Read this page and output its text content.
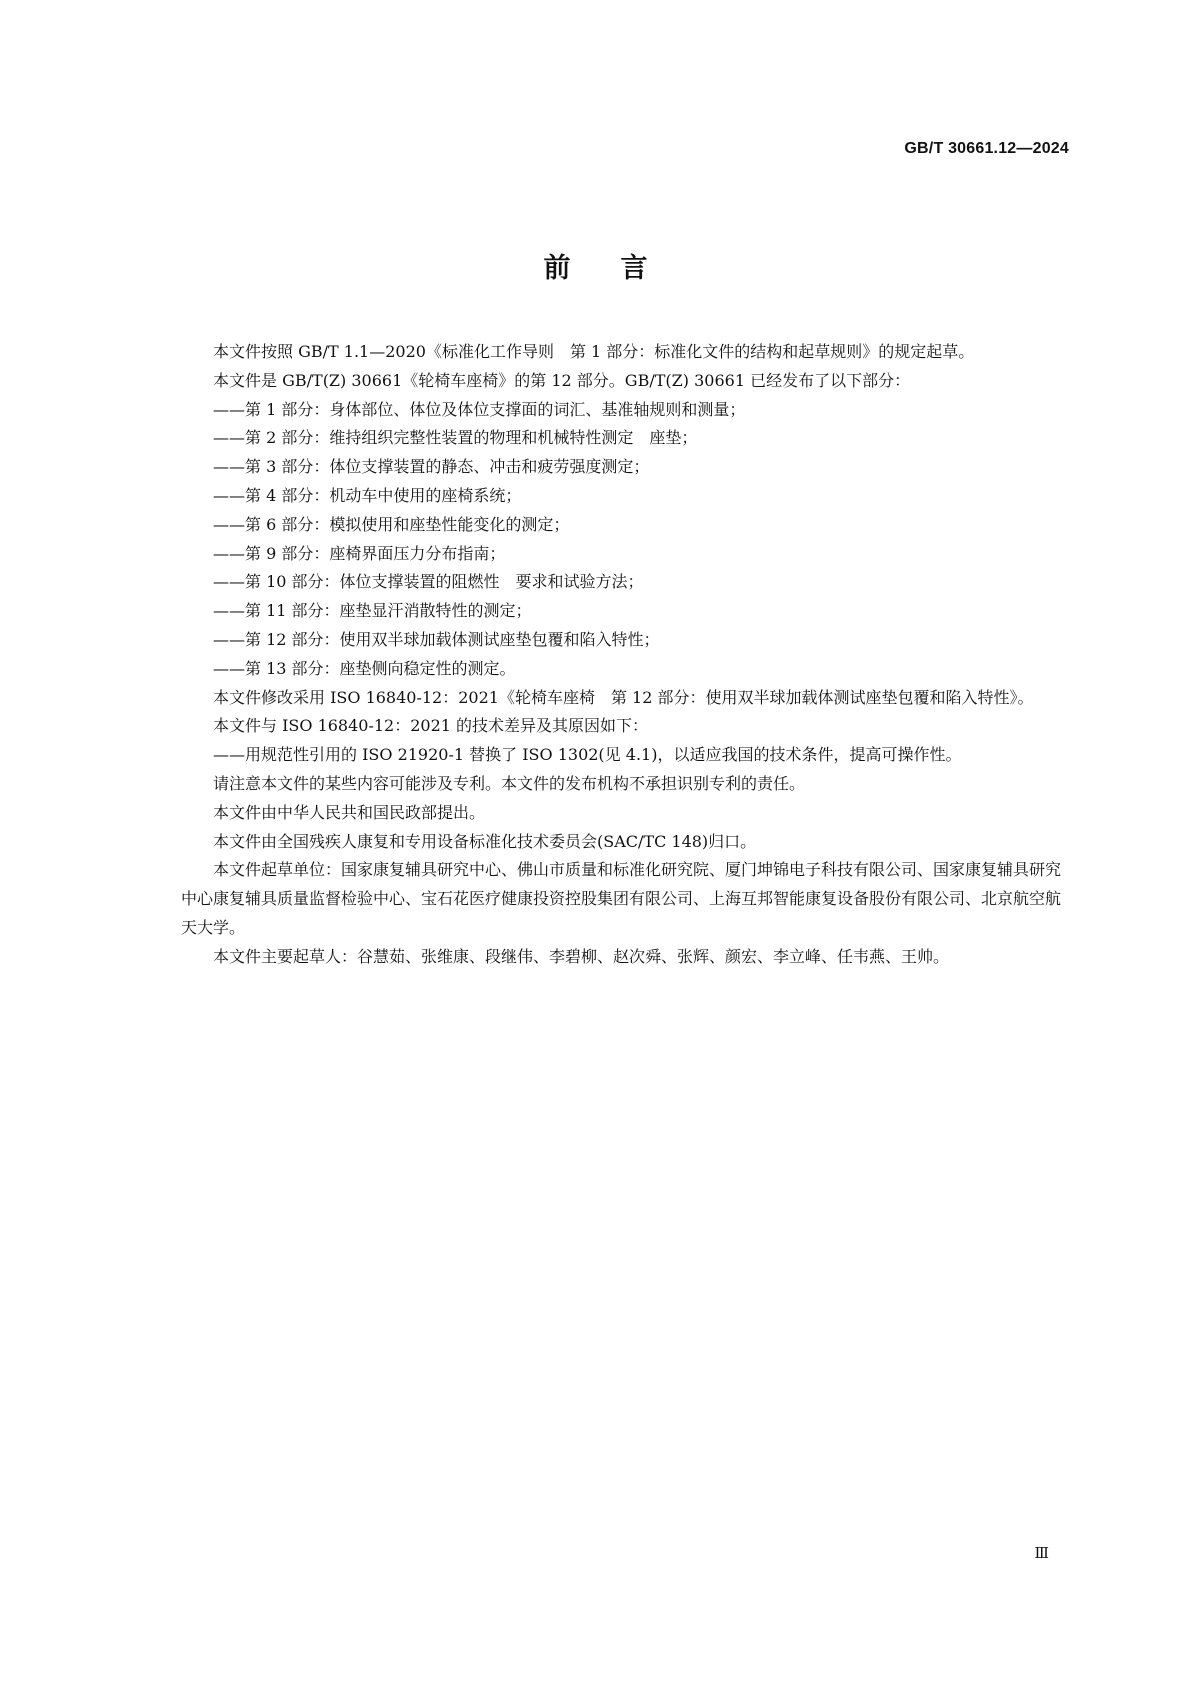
GB/T 30661.12—2024
前言

本文件按照 GB/T 1.1—2020《标准化工作导则　第 1 部分：标准化文件的结构和起草规则》的规定起草。

本文件是 GB/T(Z) 30661《轮椅车座椅》的第 12 部分。GB/T(Z) 30661 已经发布了以下部分：

——第 1 部分：身体部位、体位及体位支撑面的词汇、基准轴规则和测量；

——第 2 部分：维持组织完整性装置的物理和机械特性测定　座垫；

——第 3 部分：体位支撑装置的静态、冲击和疲劳强度测定；

——第 4 部分：机动车中使用的座椅系统；

——第 6 部分：模拟使用和座垫性能变化的测定；

——第 9 部分：座椅界面压力分布指南；

——第 10 部分：体位支撑装置的阻燃性　要求和试验方法；

——第 11 部分：座垫显汗消散特性的测定；

——第 12 部分：使用双半球加载体测试座垫包覆和陷入特性；

——第 13 部分：座垫侧向稳定性的测定。

本文件修改采用 ISO 16840-12：2021《轮椅车座椅　第 12 部分：使用双半球加载体测试座垫包覆和陷入特性》。

本文件与 ISO 16840-12：2021 的技术差异及其原因如下：

——用规范性引用的 ISO 21920-1 替换了 ISO 1302(见 4.1)，以适应我国的技术条件，提高可操作性。

请注意本文件的某些内容可能涉及专利。本文件的发布机构不承担识别专利的责任。

本文件由中华人民共和国民政部提出。

本文件由全国残疾人康复和专用设备标准化技术委员会(SAC/TC 148)归口。

本文件起草单位：国家康复辅具研究中心、佛山市质量和标准化研究院、厦门坤锦电子科技有限公司、国家康复辅具研究中心康复辅具质量监督检验中心、宝石花医疗健康投资控股集团有限公司、上海互邦智能康复设备股份有限公司、北京航空航天大学。

本文件主要起草人：谷慧茹、张维康、段继伟、李碧柳、赵次舜、张辉、颜宏、李立峰、任韦燕、王帅。

Ⅲ
